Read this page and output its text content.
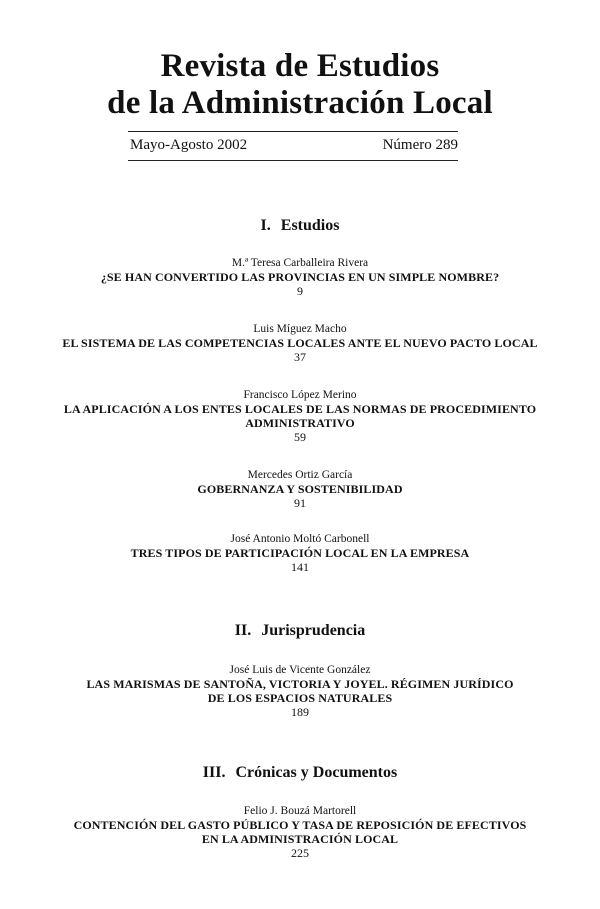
Revista de Estudios
de la Administración Local
Mayo-Agosto 2002	Número 289
I. Estudios
M.ª Teresa Carballeira Rivera
¿SE HAN CONVERTIDO LAS PROVINCIAS EN UN SIMPLE NOMBRE?
9
Luis Míguez Macho
EL SISTEMA DE LAS COMPETENCIAS LOCALES ANTE EL NUEVO PACTO LOCAL
37
Francisco López Merino
LA APLICACIÓN A LOS ENTES LOCALES DE LAS NORMAS DE PROCEDIMIENTO
ADMINISTRATIVO
59
Mercedes Ortiz García
GOBERNANZA Y SOSTENIBILIDAD
91
José Antonio Moltó Carbonell
TRES TIPOS DE PARTICIPACIÓN LOCAL EN LA EMPRESA
141
II. Jurisprudencia
José Luis de Vicente González
LAS MARISMAS DE SANTOÑA, VICTORIA Y JOYEL. RÉGIMEN JURÍDICO
DE LOS ESPACIOS NATURALES
189
III. Crónicas y Documentos
Felio J. Bouzá Martorell
CONTENCIÓN DEL GASTO PÚBLICO Y TASA DE REPOSICIÓN DE EFECTIVOS
EN LA ADMINISTRACIÓN LOCAL
225
